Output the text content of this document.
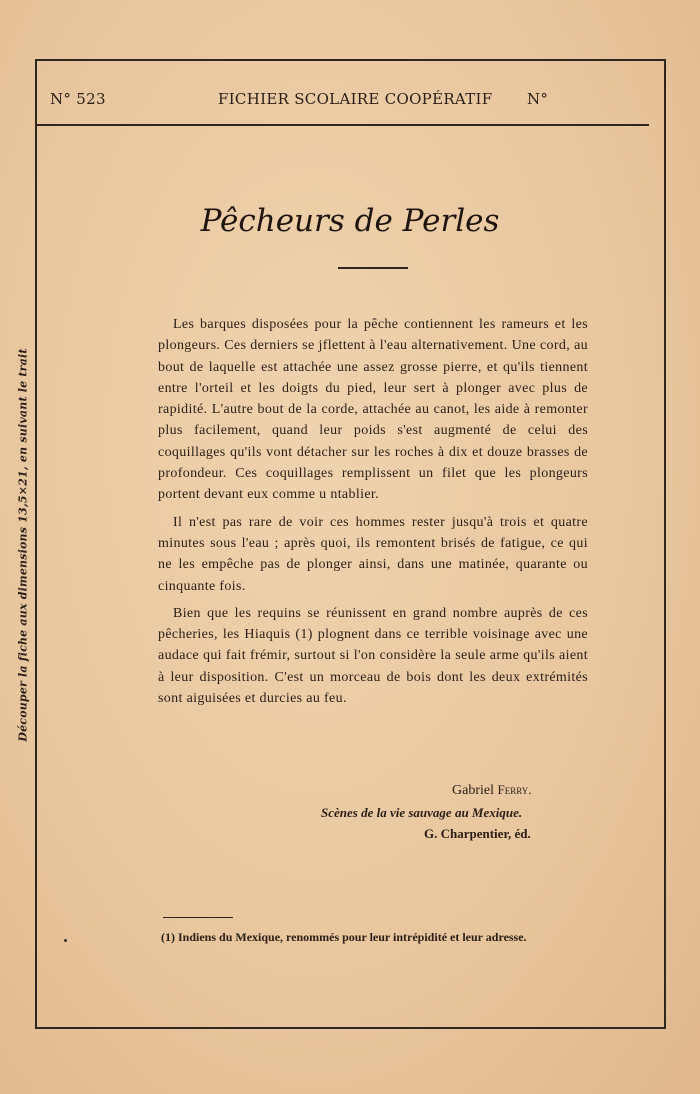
N° 523	FICHIER SCOLAIRE COOPÉRATIF N°
Découper la fiche aux dimensions 13,5×21, en suivant le trait
Pêcheurs de Perles

Les barques disposées pour la pêche contiennent les rameurs et les plongeurs. Ces derniers se jflettent à l'eau alternativement. Une cord, au bout de laquelle est attachée une assez grosse pierre, et qu'ils tiennent entre l'orteil et les doigts du pied, leur sert à plonger avec plus de rapidité. L'autre bout de la corde, attachée au canot, les aide à remonter plus facilement, quand leur poids s'est augmenté de celui des coquillages qu'ils vont détacher sur les roches à dix et douze brasses de profondeur. Ces coquillages remplissent un filet que les plongeurs portent devant eux comme u ntablier.

Il n'est pas rare de voir ces hommes rester jusqu'à trois et quatre minutes sous l'eau ; après quoi, ils remontent brisés de fatigue, ce qui ne les empêche pas de plonger ainsi, dans une matinée, quarante ou cinquante fois.

Bien que les requins se réunissent en grand nombre auprès de ces pêcheries, les Hiaquis (1) plognent dans ce terrible voisinage avec une audace qui fait frémir, surtout si l'on considère la seule arme qu'ils aient à leur disposition. C'est un morceau de bois dont les deux extrémités sont aiguisées et durcies au feu.

Gabriel Ferry.
Scènes de la vie sauvage au Mexique.
G. Charpentier, éd.
(1) Indiens du Mexique, renommés pour leur intrépidité et leur adresse.
